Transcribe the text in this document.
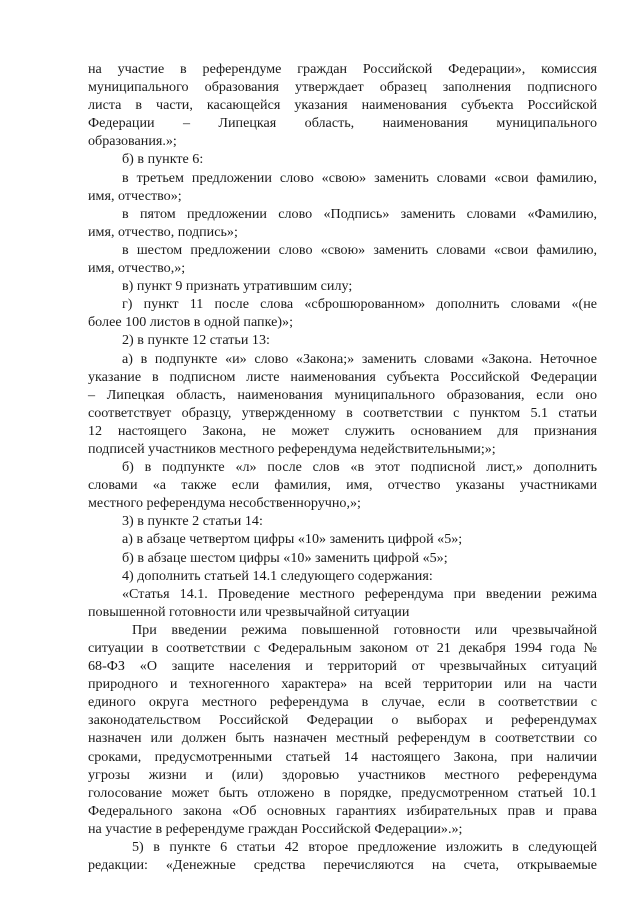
на участие в референдуме граждан Российской Федерации», комиссия
муниципального образования утверждает образец заполнения подписного
листа в части, касающейся указания наименования субъекта Российской
Федерации – Липецкая область, наименования муниципального
образования.»;
б) в пункте 6:
в третьем предложении слово «свою» заменить словами «свои фамилию,
имя, отчество»;
в пятом предложении слово «Подпись» заменить словами «Фамилию,
имя, отчество, подпись»;
в шестом предложении слово «свою» заменить словами «свои фамилию,
имя, отчество,»;
в) пункт 9 признать утратившим силу;
г) пункт 11 после слова «сброшюрованном» дополнить словами «(не
более 100 листов в одной папке)»;
2) в пункте 12 статьи 13:
а) в подпункте «и» слово «Закона;» заменить словами «Закона. Неточное
указание в подписном листе наименования субъекта Российской Федерации
– Липецкая область, наименования муниципального образования, если оно
соответствует образцу, утвержденному в соответствии с пунктом 5.1 статьи
12 настоящего Закона, не может служить основанием для признания
подписей участников местного референдума недействительными;»;
б) в подпункте «л» после слов «в этот подписной лист,» дополнить
словами «а также если фамилия, имя, отчество указаны участниками
местного референдума несобственноручно,»;
3) в пункте 2 статьи 14:
а) в абзаце четвертом цифры «10» заменить цифрой «5»;
б) в абзаце шестом цифры «10» заменить цифрой «5»;
4) дополнить статьей 14.1 следующего содержания:
«Статья 14.1. Проведение местного референдума при введении режима
повышенной готовности или чрезвычайной ситуации
При введении режима повышенной готовности или чрезвычайной
ситуации в соответствии с Федеральным законом от 21 декабря 1994 года №
68-ФЗ «О защите населения и территорий от чрезвычайных ситуаций
природного и техногенного характера» на всей территории или на части
единого округа местного референдума в случае, если в соответствии с
законодательством Российской Федерации о выборах и референдумах
назначен или должен быть назначен местный референдум в соответствии со
сроками, предусмотренными статьей 14 настоящего Закона, при наличии
угрозы жизни и (или) здоровью участников местного референдума
голосование может быть отложено в порядке, предусмотренном статьей 10.1
Федерального закона «Об основных гарантиях избирательных прав и права
на участие в референдуме граждан Российской Федерации».»;
5) в пункте 6 статьи 42 второе предложение изложить в следующей
редакции: «Денежные средства перечисляются на счета, открываемые
